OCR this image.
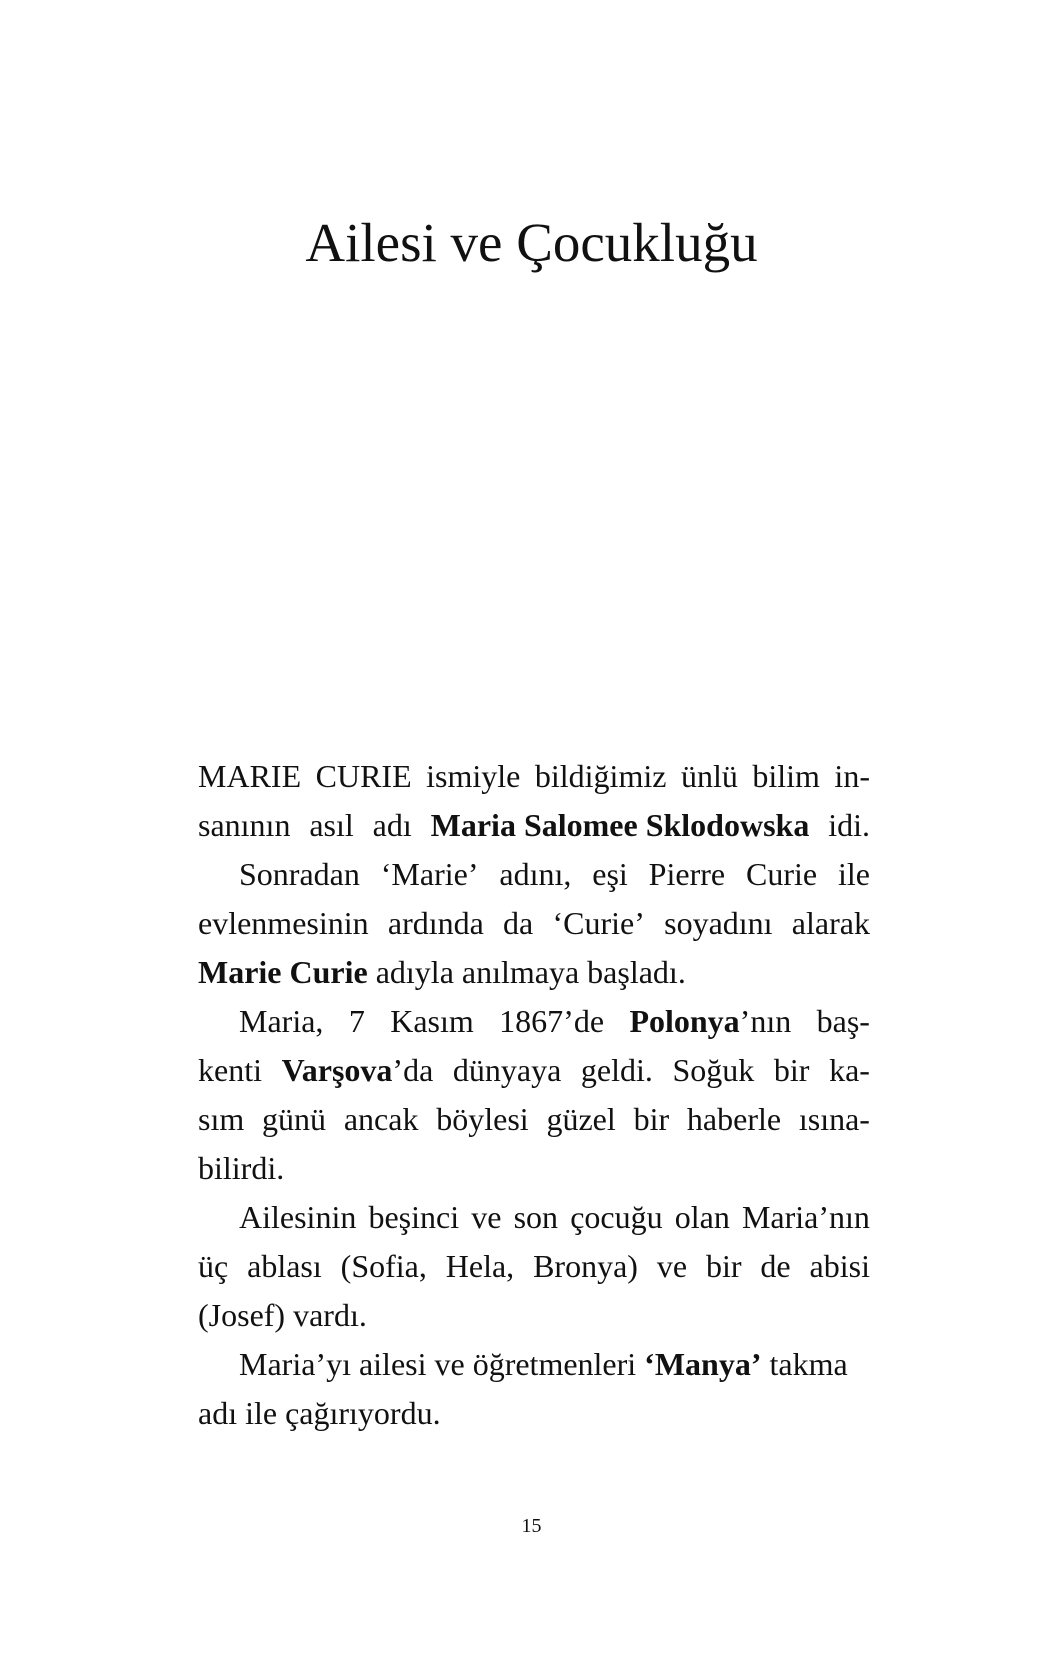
Ailesi ve Çocukluğu
MARIE CURIE ismiyle bildiğimiz ünlü bilim in-
sanının asıl adı Maria Salomee Sklodowska idi.
Sonradan ‘Marie’ adını, eşi Pierre Curie ile
evlenmesinin ardında da ‘Curie’ soyadını alarak
Marie Curie adıyla anılmaya başladı.
Maria, 7 Kasım 1867’de Polonya’nın baş-
kenti Varşova’da dünyaya geldi. Soğuk bir ka-
sım günü ancak böylesi güzel bir haberle ısına-
bilirdi.
Ailesinin beşinci ve son çocuğu olan Maria’nın
üç ablası (Sofia, Hela, Bronya) ve bir de abisi
(Josef) vardı.
Maria’yı ailesi ve öğretmenleri ‘Manya’ takma
adı ile çağırıyordu.
15
